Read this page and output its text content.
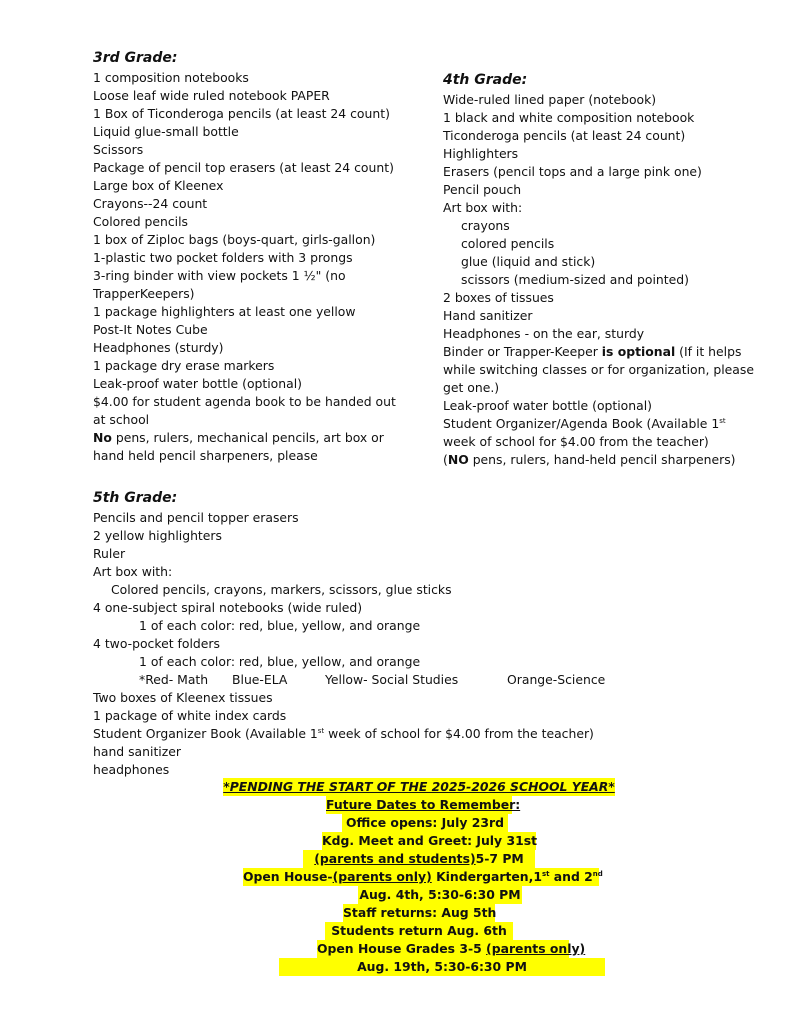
3rd Grade:
1 composition notebooks
Loose leaf wide ruled notebook PAPER
1 Box of Ticonderoga pencils (at least 24 count)
Liquid glue-small bottle
Scissors
Package of pencil top erasers (at least 24 count)
Large box of Kleenex
Crayons--24 count
Colored pencils
1 box of Ziploc bags (boys-quart, girls-gallon)
1-plastic two pocket folders with 3 prongs
3-ring binder with view pockets 1 ½" (no
TrapperKeepers)
1 package highlighters at least one yellow
Post-It Notes Cube
Headphones (sturdy)
1 package dry erase markers
Leak-proof water bottle (optional)
$4.00 for student agenda book to be handed out
at school
No pens, rulers, mechanical pencils, art box or
hand held pencil sharpeners, please
4th Grade:
Wide-ruled lined paper (notebook)
1 black and white composition notebook
Ticonderoga pencils (at least 24 count)
Highlighters
Erasers (pencil tops and a large pink one)
Pencil pouch
Art box with:
crayons
colored pencils
glue (liquid and stick)
scissors (medium-sized and pointed)
2 boxes of tissues
Hand sanitizer
Headphones - on the ear, sturdy
Binder or Trapper-Keeper is optional (If it helps
while switching classes or for organization, please
get one.)
Leak-proof water bottle (optional)
Student Organizer/Agenda Book (Available 1st
week of school for $4.00 from the teacher)
(NO pens, rulers, hand-held pencil sharpeners)
5th Grade:
Pencils and pencil topper erasers
2 yellow highlighters
Ruler
Art box with:
Colored pencils, crayons, markers, scissors, glue sticks
4 one-subject spiral notebooks (wide ruled)
1 of each color: red, blue, yellow, and orange
4 two-pocket folders
1 of each color: red, blue, yellow, and orange
*Red- Math Blue-ELA	Yellow- Social Studies	Orange-Science
Two boxes of Kleenex tissues
1 package of white index cards
Student Organizer Book (Available 1st week of school for $4.00 from the teacher)
hand sanitizer
headphones
*PENDING THE START OF THE 2025-2026 SCHOOL YEAR*
Future Dates to Remember:
Office opens: July 23rd
Kdg. Meet and Greet: July 31st
(parents and students)5-7 PM
Open House-(parents only) Kindergarten,1st and 2nd
Aug. 4th, 5:30-6:30 PM
Staff returns: Aug 5th
Students return Aug. 6th
Open House Grades 3-5 (parents only)
Aug. 19th, 5:30-6:30 PM
